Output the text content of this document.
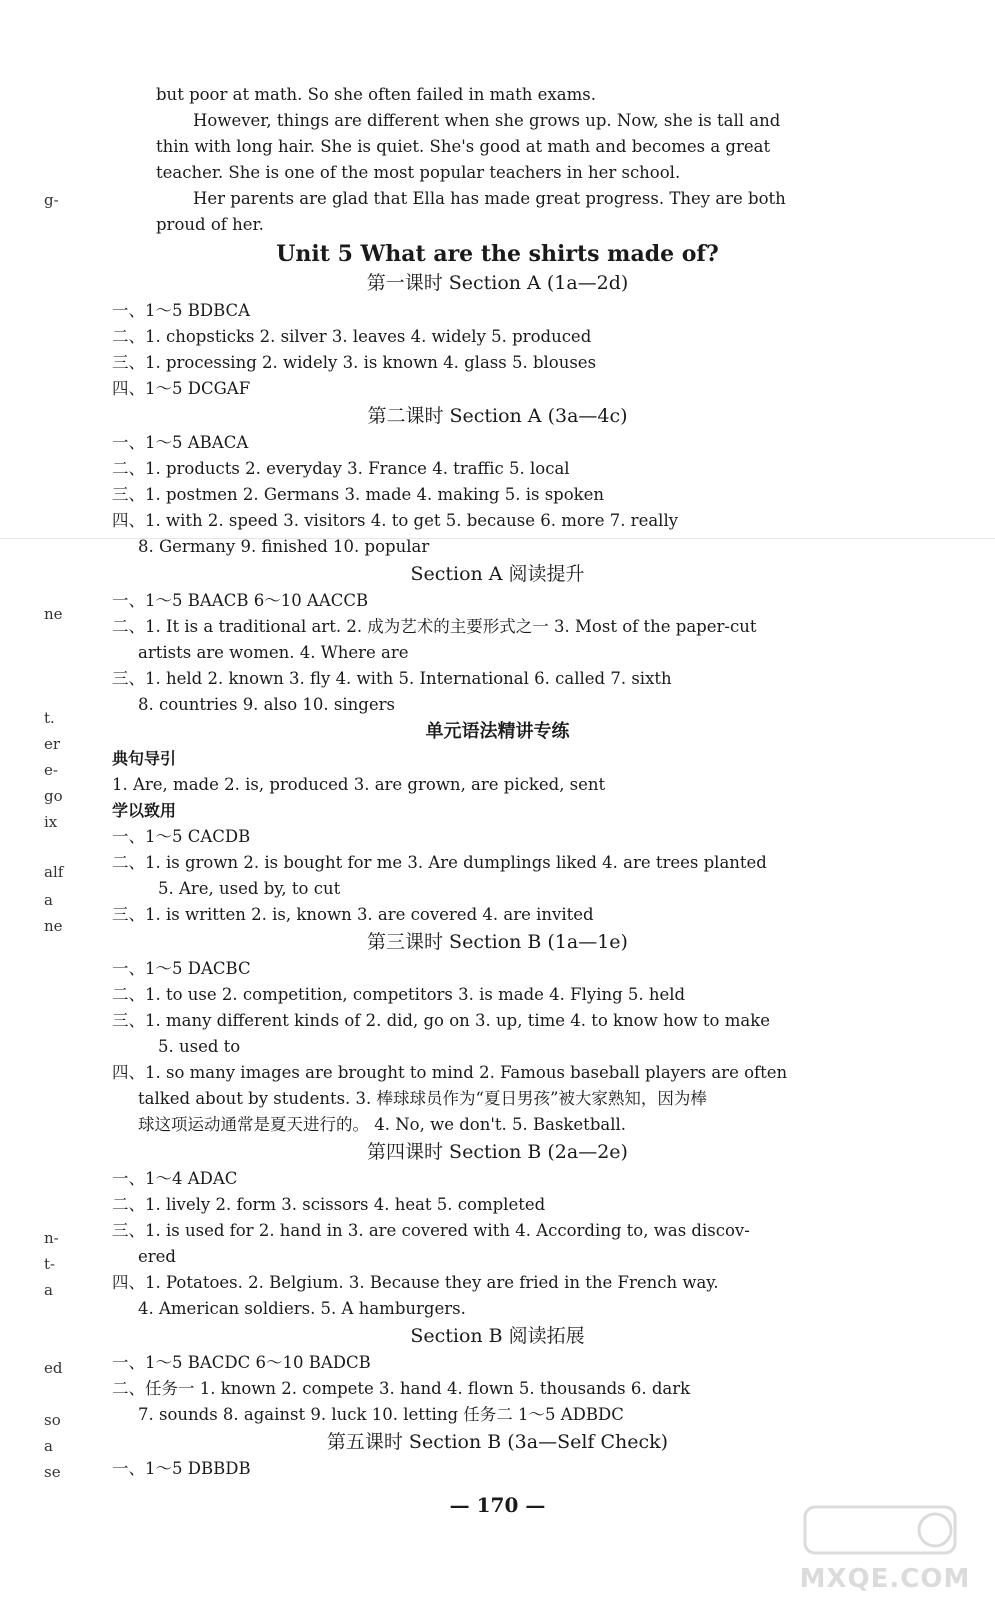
g-
ne
t.
er
e-
go
ix
alf
a
ne
n-
t-
a
ed
so
a
se
but poor at math. So she often failed in math exams.
However, things are different when she grows up. Now, she is tall and
thin with long hair. She is quiet. She's good at math and becomes a great
teacher. She is one of the most popular teachers in her school.
Her parents are glad that Ella has made great progress. They are both
proud of her.
Unit 5 What are the shirts made of?
第一课时 Section A (1a—2d)
一、1～5 BDBCA
二、1. chopsticks 2. silver 3. leaves 4. widely 5. produced
三、1. processing 2. widely 3. is known 4. glass 5. blouses
四、1～5 DCGAF
第二课时 Section A (3a—4c)
一、1～5 ABACA
二、1. products 2. everyday 3. France 4. traffic 5. local
三、1. postmen 2. Germans 3. made 4. making 5. is spoken
四、1. with 2. speed 3. visitors 4. to get 5. because 6. more 7. really
8. Germany 9. finished 10. popular
Section A 阅读提升
一、1～5 BAACB 6～10 AACCB
二、1. It is a traditional art. 2. 成为艺术的主要形式之一 3. Most of the paper-cut
artists are women. 4. Where are
三、1. held 2. known 3. fly 4. with 5. International 6. called 7. sixth
8. countries 9. also 10. singers
单元语法精讲专练
典句导引
1. Are, made 2. is, produced 3. are grown, are picked, sent
学以致用
一、1～5 CACDB
二、1. is grown 2. is bought for me 3. Are dumplings liked 4. are trees planted
5. Are, used by, to cut
三、1. is written 2. is, known 3. are covered 4. are invited
第三课时 Section B (1a—1e)
一、1～5 DACBC
二、1. to use 2. competition, competitors 3. is made 4. Flying 5. held
三、1. many different kinds of 2. did, go on 3. up, time 4. to know how to make
5. used to
四、1. so many images are brought to mind 2. Famous baseball players are often
talked about by students. 3. 棒球球员作为“夏日男孩”被大家熟知，因为棒
球这项运动通常是夏天进行的。 4. No, we don't. 5. Basketball.
第四课时 Section B (2a—2e)
一、1～4 ADAC
二、1. lively 2. form 3. scissors 4. heat 5. completed
三、1. is used for 2. hand in 3. are covered with 4. According to, was discov-
ered
四、1. Potatoes. 2. Belgium. 3. Because they are fried in the French way.
4. American soldiers. 5. A hamburgers.
Section B 阅读拓展
一、1～5 BACDC 6～10 BADCB
二、任务一 1. known 2. compete 3. hand 4. flown 5. thousands 6. dark
7. sounds 8. against 9. luck 10. letting 任务二 1～5 ADBDC
第五课时 Section B (3a—Self Check)
一、1～5 DBBDB
— 170 —
MXQE.COM
